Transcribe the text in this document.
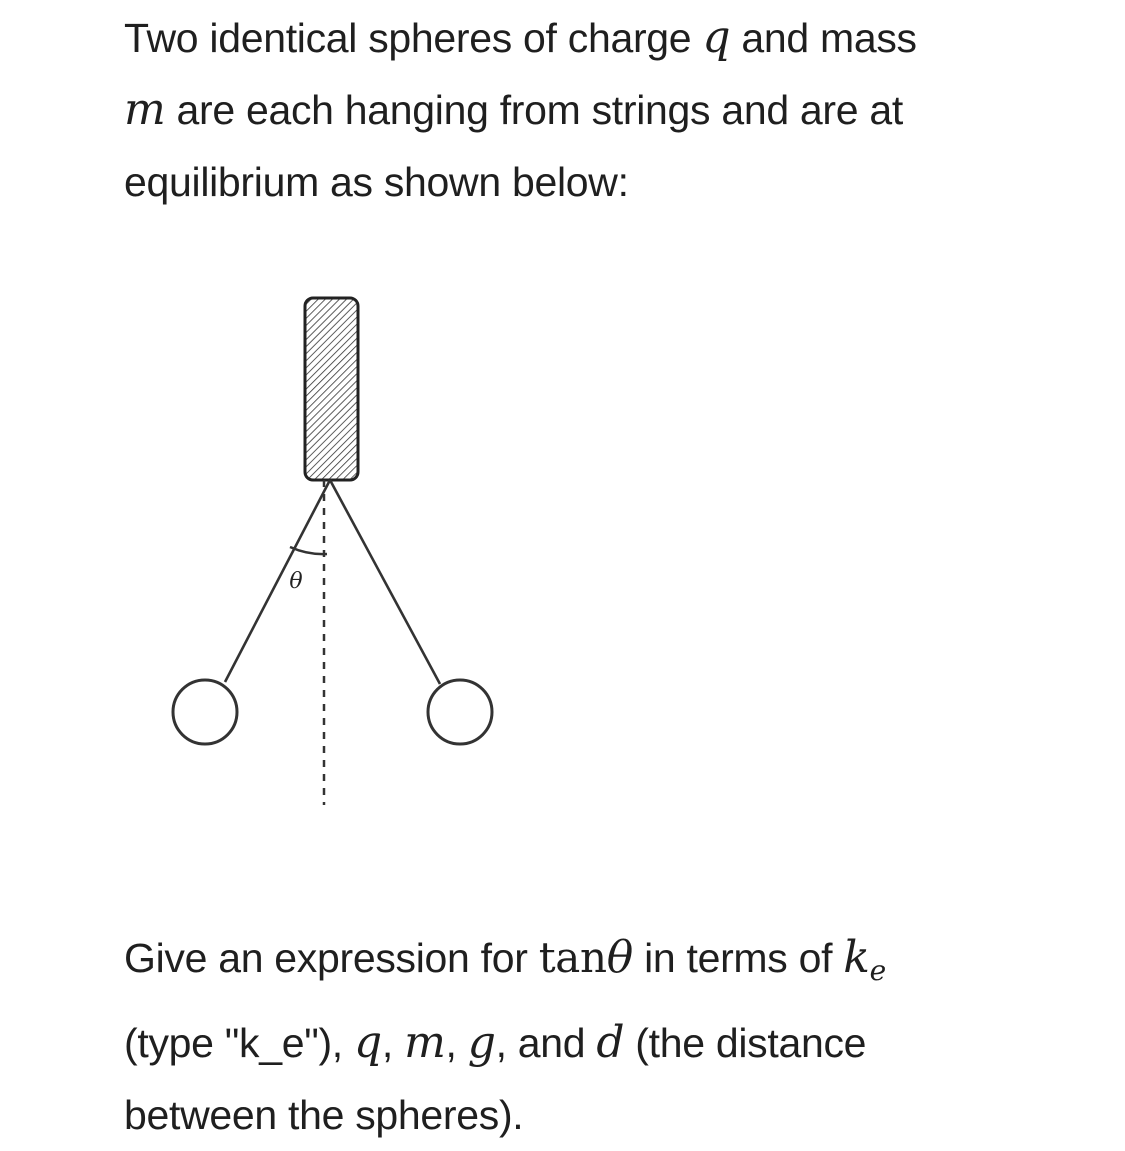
Two identical spheres of charge q and mass
m are each hanging from strings and are at
equilibrium as shown below:
θ
Give an expression for tanθ in terms of $k_e$
(type "k_e"), q, m, g, and d (the distance
between the spheres).
